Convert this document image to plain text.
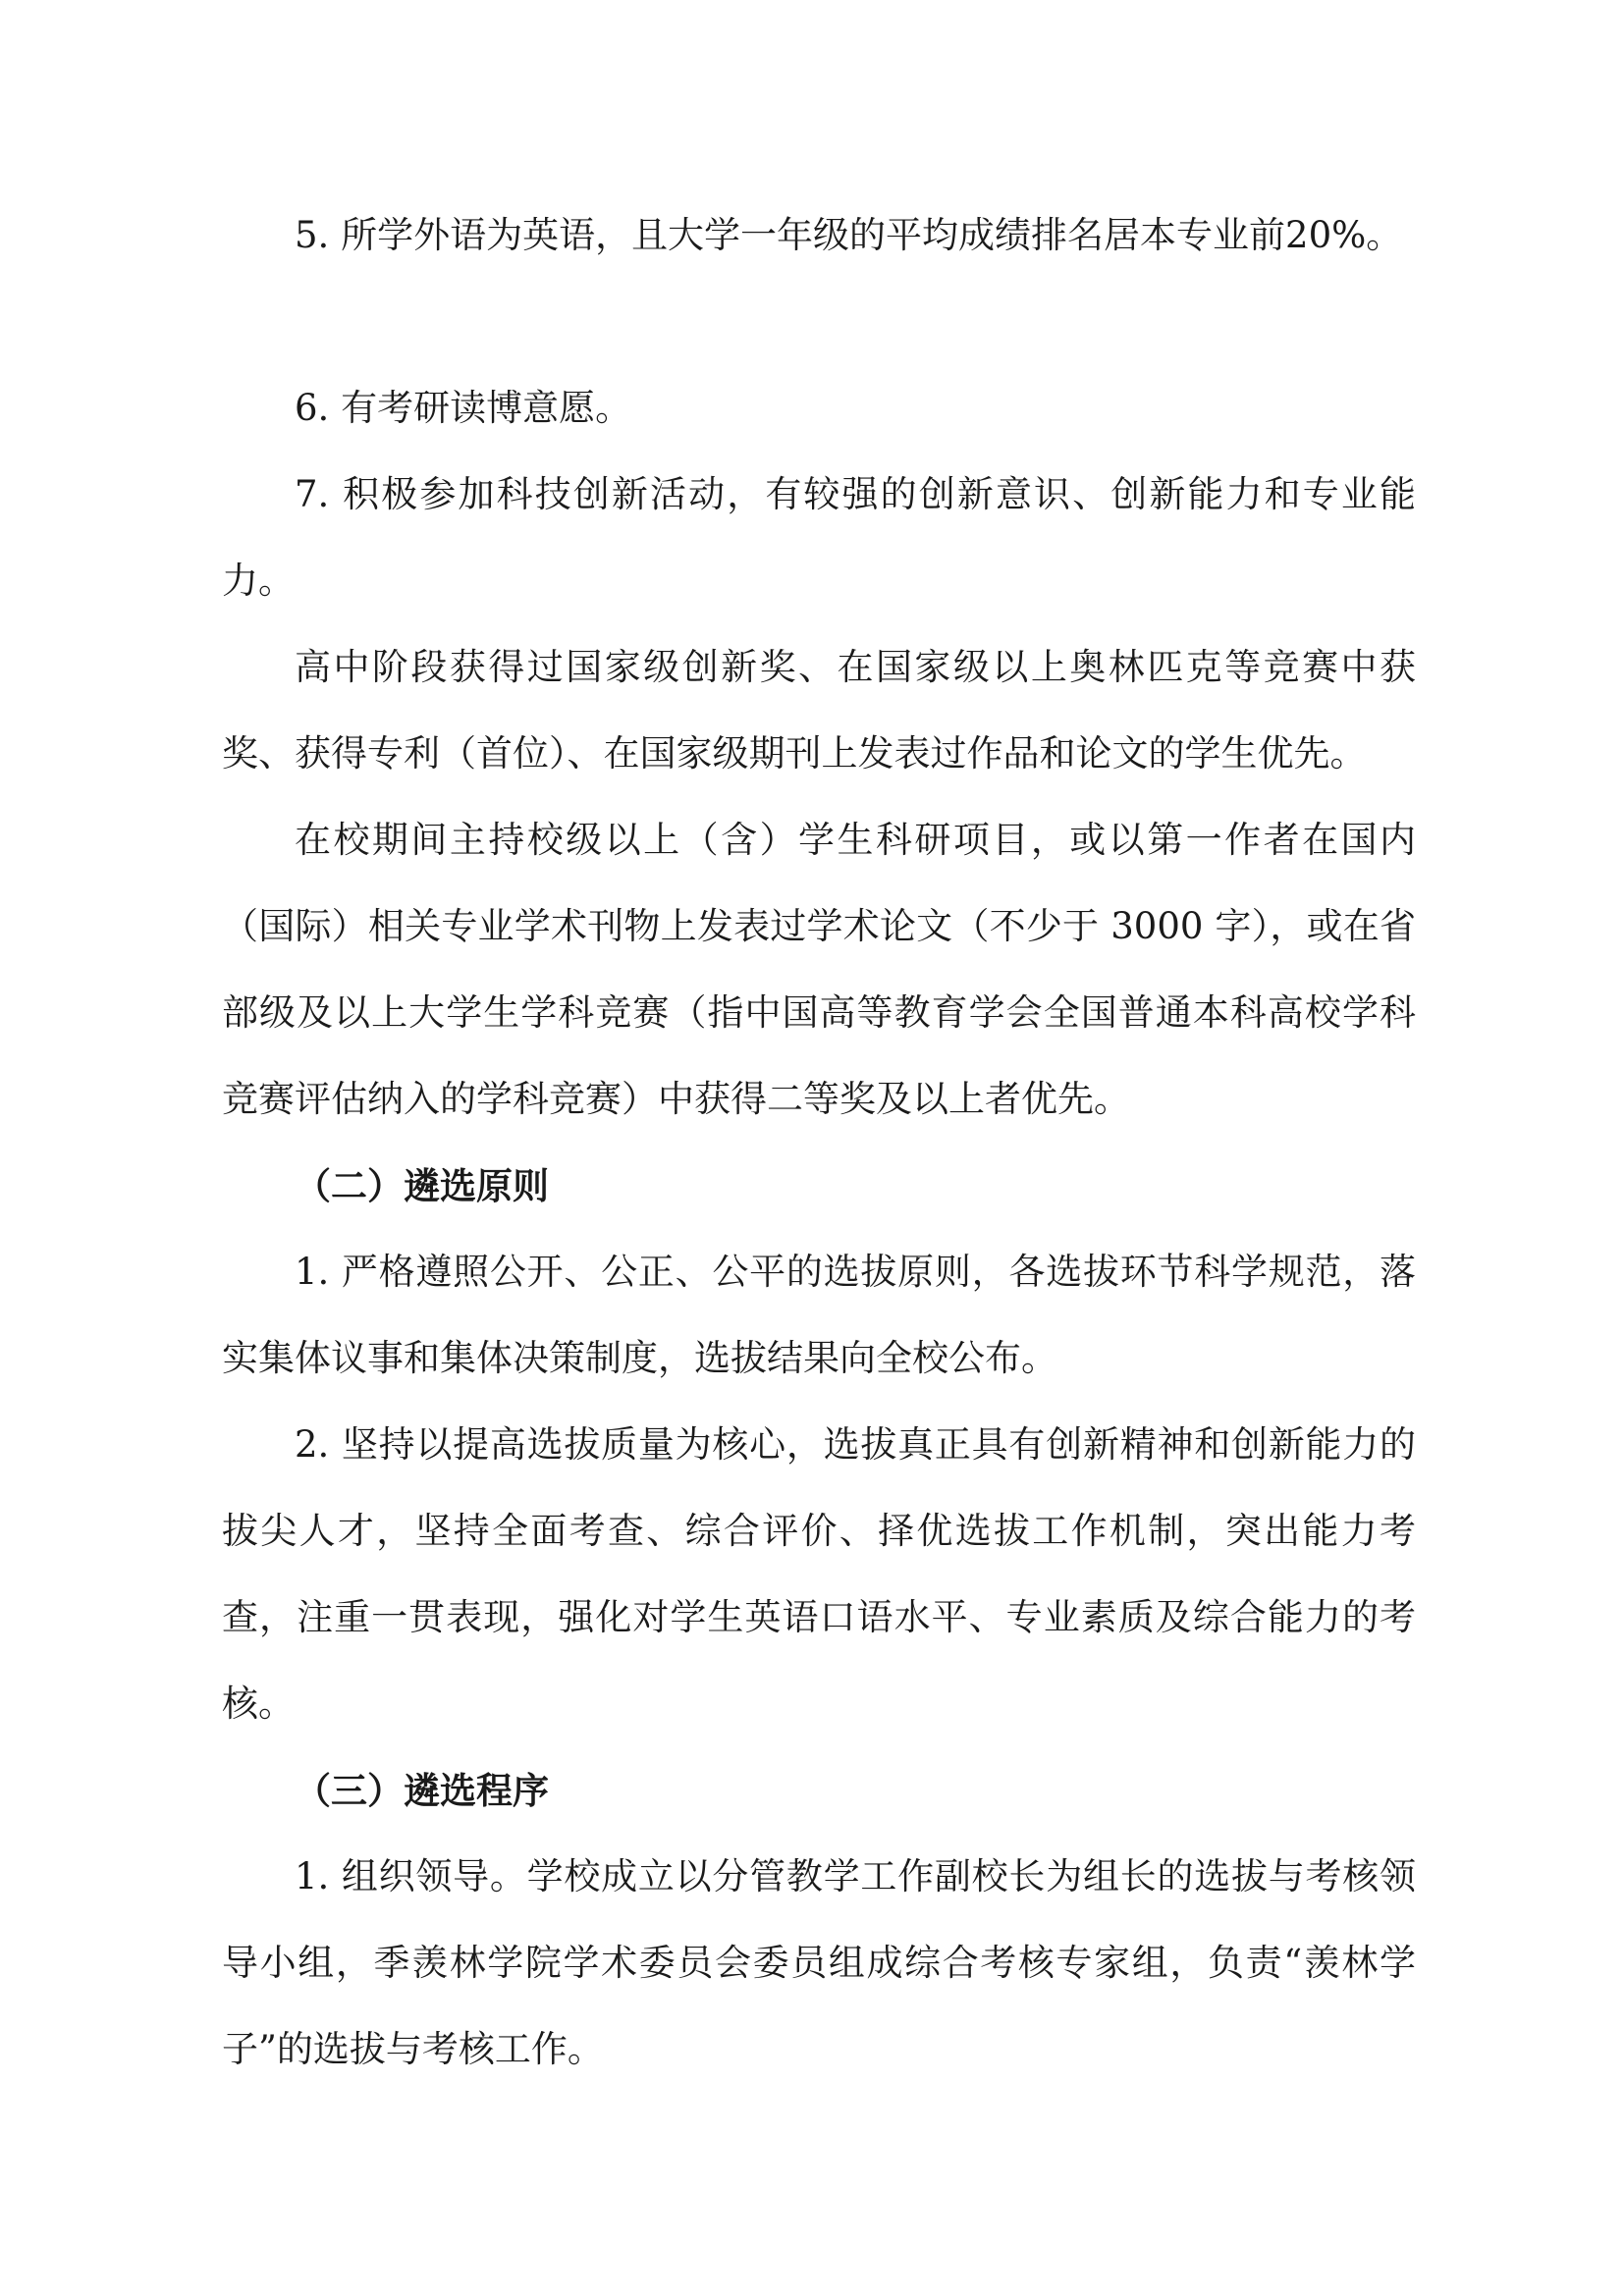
5. 所学外语为英语，且大学一年级的平均成绩排名居本专业前20%。

6. 有考研读博意愿。

7. 积极参加科技创新活动，有较强的创新意识、创新能力和专业能力。

高中阶段获得过国家级创新奖、在国家级以上奥林匹克等竞赛中获奖、获得专利（首位）、在国家级期刊上发表过作品和论文的学生优先。

在校期间主持校级以上（含）学生科研项目，或以第一作者在国内（国际）相关专业学术刊物上发表过学术论文（不少于 3000 字），或在省部级及以上大学生学科竞赛（指中国高等教育学会全国普通本科高校学科竞赛评估纳入的学科竞赛）中获得二等奖及以上者优先。

（二）遴选原则

1. 严格遵照公开、公正、公平的选拔原则，各选拔环节科学规范，落实集体议事和集体决策制度，选拔结果向全校公布。

2. 坚持以提高选拔质量为核心，选拔真正具有创新精神和创新能力的拔尖人才，坚持全面考查、综合评价、择优选拔工作机制，突出能力考查，注重一贯表现，强化对学生英语口语水平、专业素质及综合能力的考核。

（三）遴选程序

1. 组织领导。学校成立以分管教学工作副校长为组长的选拔与考核领导小组，季羡林学院学术委员会委员组成综合考核专家组，负责“羡林学子”的选拔与考核工作。
